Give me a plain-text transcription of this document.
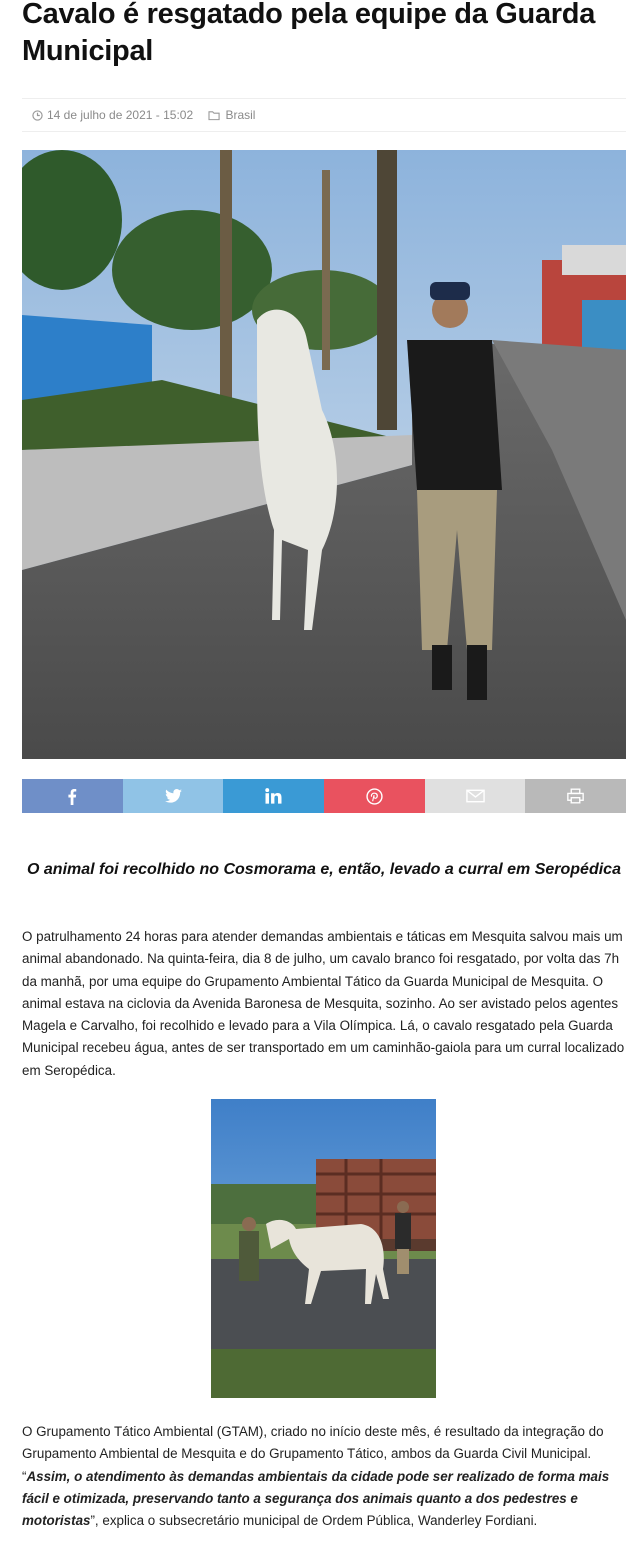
Cavalo é resgatado pela equipe da Guarda Municipal
14 de julho de 2021 - 15:02
	Brasil
O animal foi recolhido no Cosmorama e, então, levado a curral em Seropédica

O patrulhamento 24 horas para atender demandas ambientais e táticas em Mesquita salvou mais um animal abandonado. Na quinta-feira, dia 8 de julho, um cavalo branco foi resgatado, por volta das 7h da manhã, por uma equipe do Grupamento Ambiental Tático da Guarda Municipal de Mesquita. O animal estava na ciclovia da Avenida Baronesa de Mesquita, sozinho. Ao ser avistado pelos agentes Magela e Carvalho, foi recolhido e levado para a Vila Olímpica. Lá, o cavalo resgatado pela Guarda Municipal recebeu água, antes de ser transportado em um caminhão-gaiola para um curral localizado em Seropédica.

O Grupamento Tático Ambiental (GTAM), criado no início deste mês, é resultado da integração do Grupamento Ambiental de Mesquita e do Grupamento Tático, ambos da Guarda Civil Municipal. “Assim, o atendimento às demandas ambientais da cidade pode ser realizado de forma mais fácil e otimizada, preservando tanto a segurança dos animais quanto a dos pedestres e motoristas”, explica o subsecretário municipal de Ordem Pública, Wanderley Fordiani.
